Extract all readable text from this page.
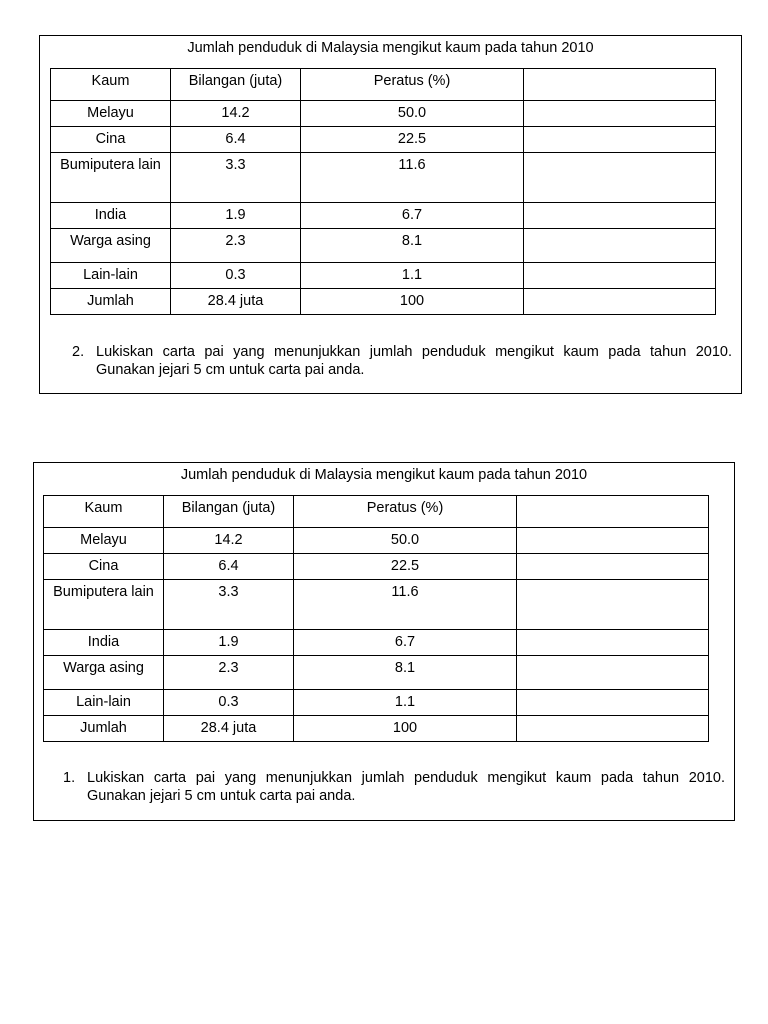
Jumlah penduduk di Malaysia mengikut kaum pada tahun 2010
Kaum	Bilangan (juta)	Peratus (%)	
Melayu	14.2	50.0	
Cina	6.4	22.5	
Bumiputera lain	3.3	11.6	
India	1.9	6.7	
Warga asing	2.3	8.1	
Lain-lain	0.3	1.1	
Jumlah	28.4 juta	100	
2. Lukiskan carta pai yang menunjukkan jumlah penduduk mengikut kaum pada tahun 2010. Gunakan jejari 5 cm untuk carta pai anda.
Jumlah penduduk di Malaysia mengikut kaum pada tahun 2010
Kaum	Bilangan (juta)	Peratus (%)	
Melayu	14.2	50.0	
Cina	6.4	22.5	
Bumiputera lain	3.3	11.6	
India	1.9	6.7	
Warga asing	2.3	8.1	
Lain-lain	0.3	1.1	
Jumlah	28.4 juta	100	
1. Lukiskan carta pai yang menunjukkan jumlah penduduk mengikut kaum pada tahun 2010. Gunakan jejari 5 cm untuk carta pai anda.
